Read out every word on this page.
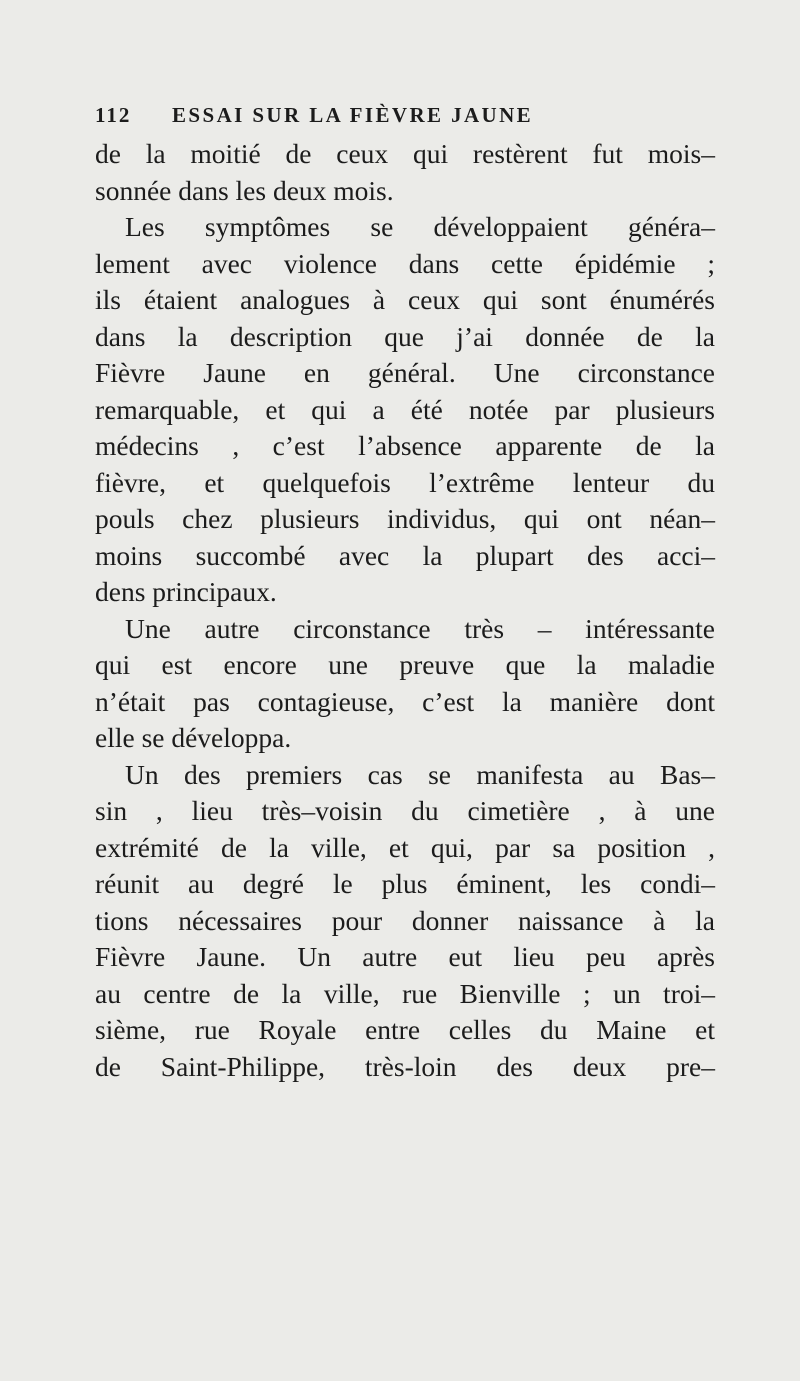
112 ESSAI SUR LA FIÈVRE JAUNE
de la moitié de ceux qui restèrent fut mois–
sonnée dans les deux mois.
Les symptômes se développaient généra–
lement avec violence dans cette épidémie ;
ils étaient analogues à ceux qui sont énumérés
dans la description que j’ai donnée de la
Fièvre Jaune en général. Une circonstance
remarquable, et qui a été notée par plusieurs
médecins , c’est l’absence apparente de la
fièvre, et quelquefois l’extrême lenteur du
pouls chez plusieurs individus, qui ont néan–
moins succombé avec la plupart des acci–
dens principaux.
Une autre circonstance très – intéressante
qui est encore une preuve que la maladie
n’était pas contagieuse, c’est la manière dont
elle se développa.
Un des premiers cas se manifesta au Bas–
sin , lieu très–voisin du cimetière , à une
extrémité de la ville, et qui, par sa position ,
réunit au degré le plus éminent, les condi–
tions nécessaires pour donner naissance à la
Fièvre Jaune. Un autre eut lieu peu après
au centre de la ville, rue Bienville ; un troi–
sième, rue Royale entre celles du Maine et
de Saint-Philippe, très-loin des deux pre–
